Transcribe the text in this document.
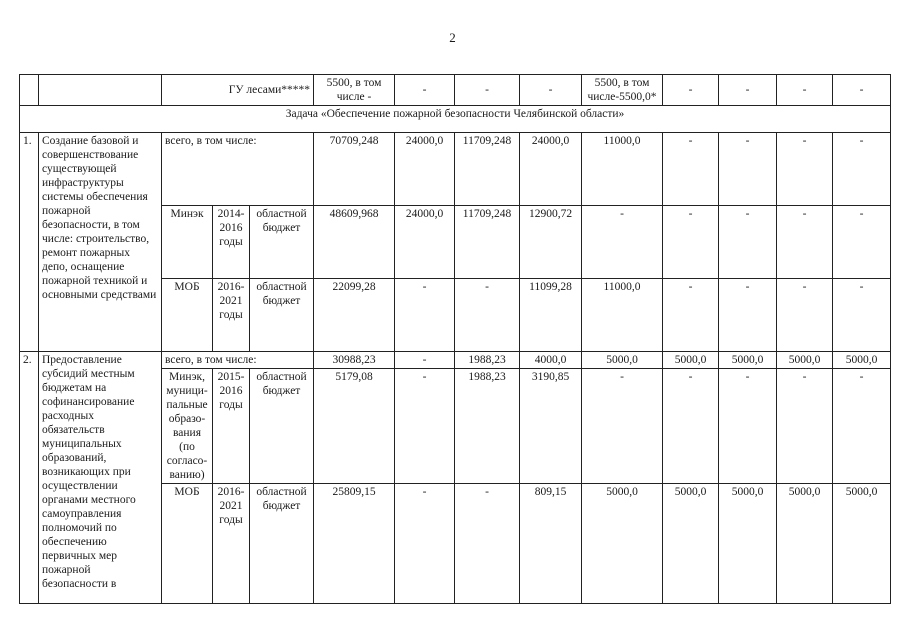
2
		ГУ лесами*****			5500, в том числе -	-	-	-	5500, в том числе-5500,0*	-	-	-	-
Задача «Обеспечение пожарной безопасности Челябинской области»													
1.	Создание базовой и совершенствование существующей инфраструктуры системы обеспечения пожарной безопасности, в том числе: строительство, ремонт пожарных депо, оснащение пожарной техникой и основными средствами	всего, в том числе:			70709,248	24000,0	11709,248	24000,0	11000,0	-	-	-	-
		Минэк	2014-2016 годы	областной бюджет	48609,968	24000,0	11709,248	12900,72	-	-	-	-	-
		МОБ	2016-2021 годы	областной бюджет	22099,28	-	-	11099,28	11000,0	-	-	-	-
2.	Предоставление субсидий местным бюджетам на софинансирование расходных обязательств муниципальных образований, возникающих при осуществлении органами местного самоуправления полномочий по обеспечению первичных мер пожарной безопасности в	всего, в том числе:			30988,23	-	1988,23	4000,0	5000,0	5000,0	5000,0	5000,0	5000,0
		Минэк, муници-пальные образо-вания (по согласо-ванию)	2015-2016 годы	областной бюджет	5179,08	-	1988,23	3190,85	-	-	-	-	-
		МОБ	2016-2021 годы	областной бюджет	25809,15	-	-	809,15	5000,0	5000,0	5000,0	5000,0	5000,0
